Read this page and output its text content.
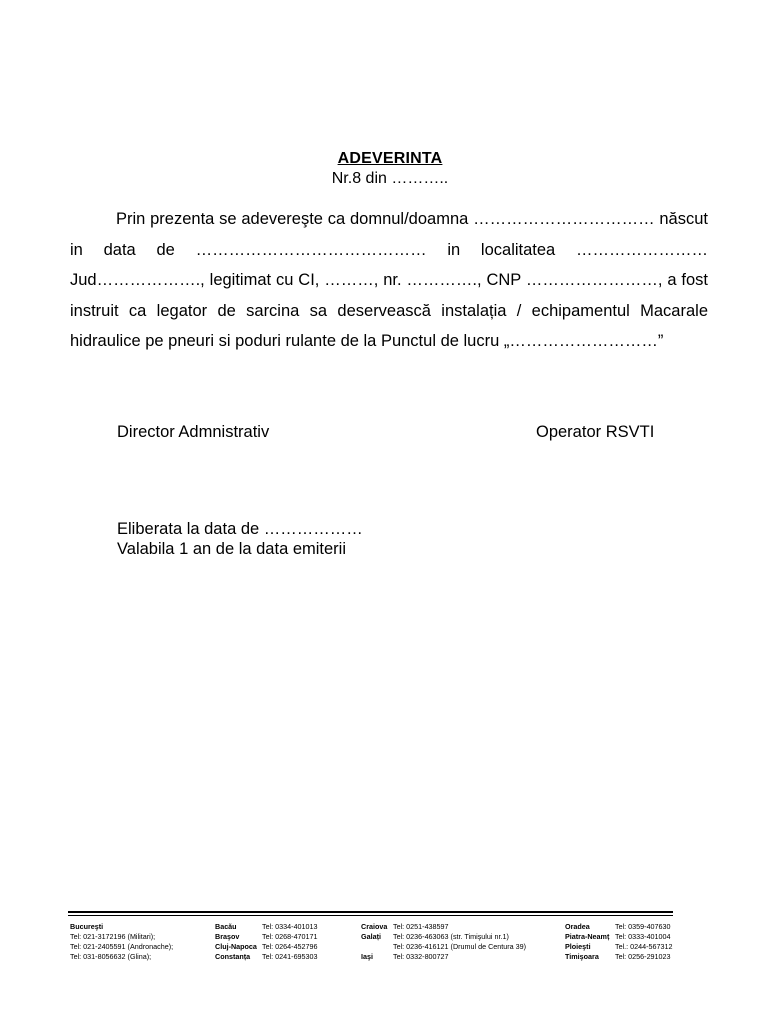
ADEVERINTA
Nr.8 din ………..
Prin prezenta se adevereşte ca domnul/doamna …………………………… născut in data de …………………………………… in localitatea …………………… Jud………………., legitimat cu CI, ………, nr. …………., CNP ……………………, a fost instruit ca legator de sarcina sa deservească instalația / echipamentul Macarale hidraulice pe pneuri si poduri rulante de la Punctul de lucru „………………………”
Director Admnistrativ	Operator RSVTI
Eliberata la data de ………………
Valabila 1 an de la data emiterii
Bucureşti
Tel: 021-3172196 (Militari);
Tel: 021-2405591 (Andronache);
Tel: 031-8056632 (Glina);
Bacău
Braşov
Cluj-Napoca
Constanța
Tel: 0334-401013
Tel: 0268-470171
Tel: 0264-452796
Tel: 0241-695303
Craiova
Galați
Iaşi
Tel: 0251-438597
Tel: 0236-463063 (str. Timişului nr.1)
Tel: 0236-416121 (Drumul de Centura 39)
Tel: 0332-800727
Oradea
Piatra-Neamț
Ploieşti
Timişoara
Tel: 0359-407630
Tel: 0333-401004
Tel.: 0244-567312
Tel: 0256-291023
